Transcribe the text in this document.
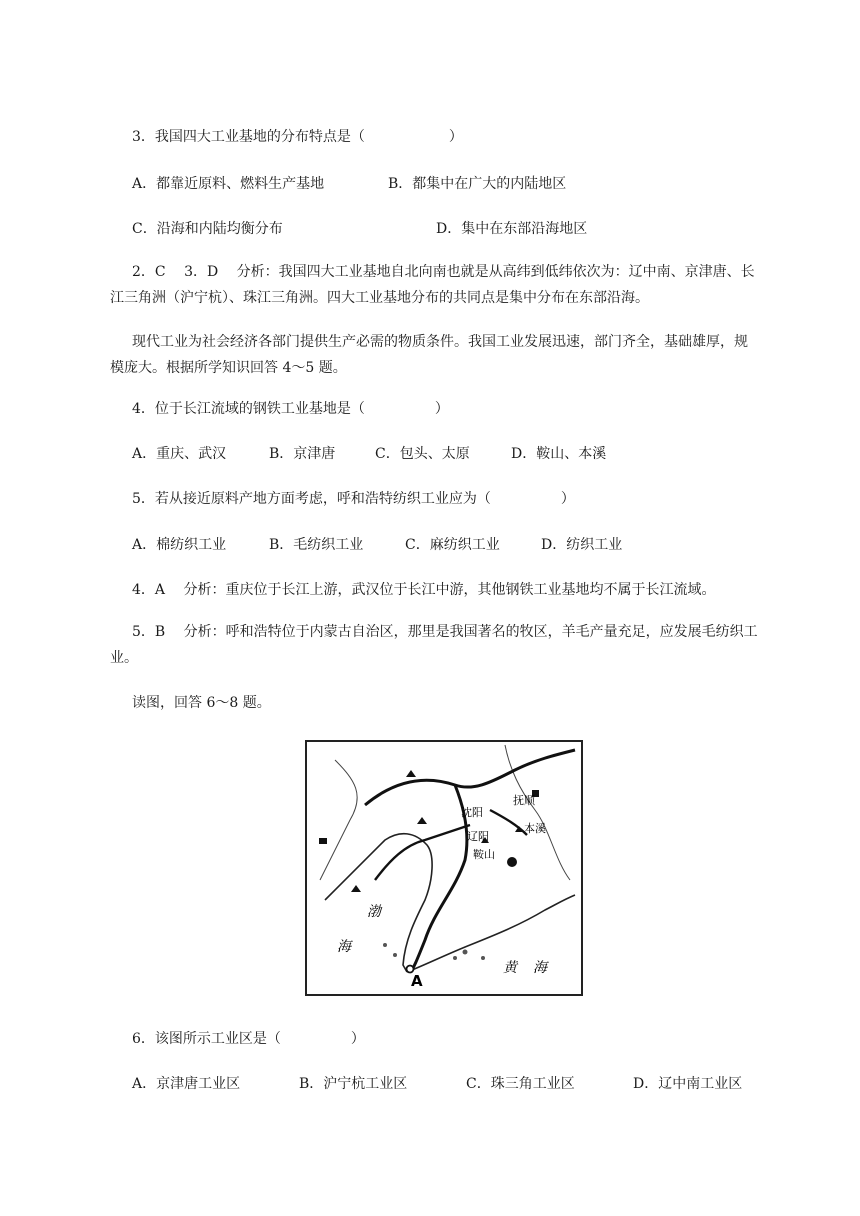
3．我国四大工业基地的分布特点是（　　　　　　）
A．都靠近原料、燃料生产基地	B．都集中在广大的内陆地区
C．沿海和内陆均衡分布	D．集中在东部沿海地区
2．C　 3．D　 分析：我国四大工业基地自北向南也就是从高纬到低纬依次为：辽中南、京津唐、长江三角洲（沪宁杭）、珠江三角洲。四大工业基地分布的共同点是集中分布在东部沿海。
现代工业为社会经济各部门提供生产必需的物质条件。我国工业发展迅速，部门齐全，基础雄厚，规模庞大。根据所学知识回答 4～5 题。
4．位于长江流域的钢铁工业基地是（　　　　　）
A．重庆、武汉	B．京津唐	C．包头、太原	D．鞍山、本溪
5．若从接近原料产地方面考虑，呼和浩特纺织工业应为（　　　　　）
A．棉纺织工业	B．毛纺织工业	C．麻纺织工业	D．纺织工业
4．A　 分析：重庆位于长江上游，武汉位于长江中游，其他钢铁工业基地均不属于长江流域。
5．B　 分析：呼和浩特位于内蒙古自治区，那里是我国著名的牧区，羊毛产量充足，应发展毛纺织工业。
读图，回答 6～8 题。
沈阳
抚顺
辽阳
本溪
鞍山
渤
海
黄 海
A
6．该图所示工业区是（　　　　　）
A．京津唐工业区	B．沪宁杭工业区	C．珠三角工业区	D．辽中南工业区
